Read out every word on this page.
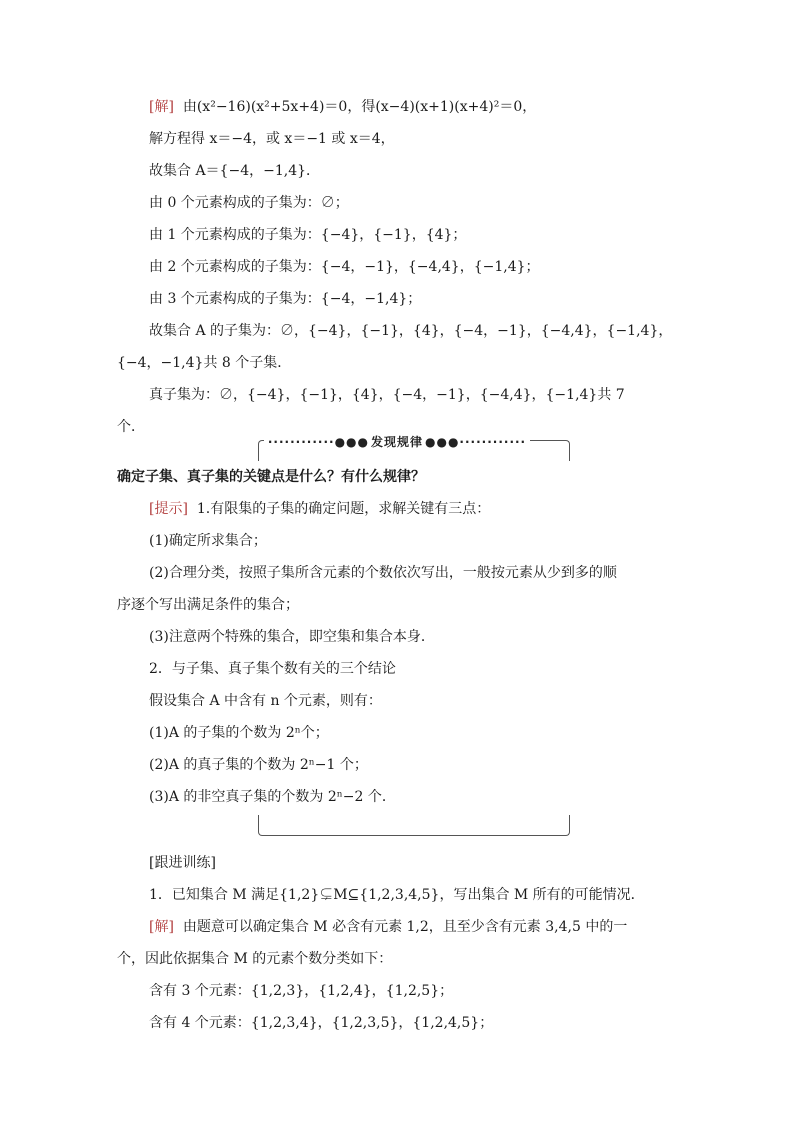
[解] 由(x²−16)(x²+5x+4)＝0，得(x−4)(x+1)(x+4)²＝0，
解方程得 x＝−4，或 x＝−1 或 x＝4，
故集合 A＝{−4，−1,4}．
由 0 个元素构成的子集为：∅；
由 1 个元素构成的子集为：{−4}，{−1}，{4}；
由 2 个元素构成的子集为：{−4，−1}，{−4,4}，{−1,4}；
由 3 个元素构成的子集为：{−4，−1,4}；
故集合 A 的子集为：∅，{−4}，{−1}，{4}，{−4，−1}，{−4,4}，{−1,4}，
{−4，−1,4}共 8 个子集．
真子集为：∅，{−4}，{−1}，{4}，{−4，−1}，{−4,4}，{−1,4}共 7
个．
············●●● 发现规律 ●●●············
确定子集、真子集的关键点是什么？有什么规律？
[提示] 1.有限集的子集的确定问题，求解关键有三点：
(1)确定所求集合；
(2)合理分类，按照子集所含元素的个数依次写出，一般按元素从少到多的顺
序逐个写出满足条件的集合；
(3)注意两个特殊的集合，即空集和集合本身．
2．与子集、真子集个数有关的三个结论
假设集合 A 中含有 n 个元素，则有：
(1)A 的子集的个数为 2ⁿ个；
(2)A 的真子集的个数为 2ⁿ−1 个；
(3)A 的非空真子集的个数为 2ⁿ−2 个．
[跟进训练]
1．已知集合 M 满足{1,2}⊊M⊆{1,2,3,4,5}，写出集合 M 所有的可能情况．
[解] 由题意可以确定集合 M 必含有元素 1,2，且至少含有元素 3,4,5 中的一
个，因此依据集合 M 的元素个数分类如下：
含有 3 个元素：{1,2,3}，{1,2,4}，{1,2,5}；
含有 4 个元素：{1,2,3,4}，{1,2,3,5}，{1,2,4,5}；
